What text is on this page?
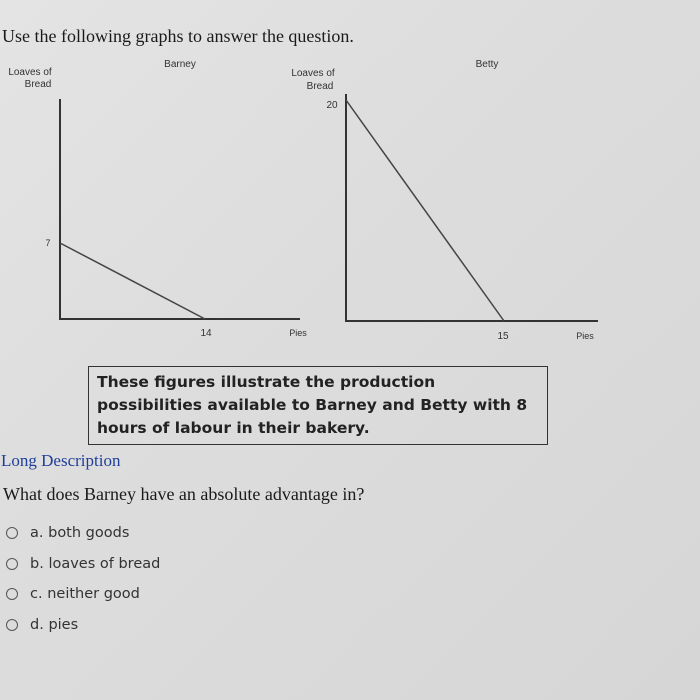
Use the following graphs to answer the question.
Barney
Loaves of
Bread
7
14	Pies
Betty
Loaves of
Bread
20
15	Pies
These figures illustrate the production possibilities available to Barney and Betty with 8 hours of labour in their bakery.
Long Description
What does Barney have an absolute advantage in?
a.
both goods
b.
loaves of bread
c.
neither good
d.
pies
